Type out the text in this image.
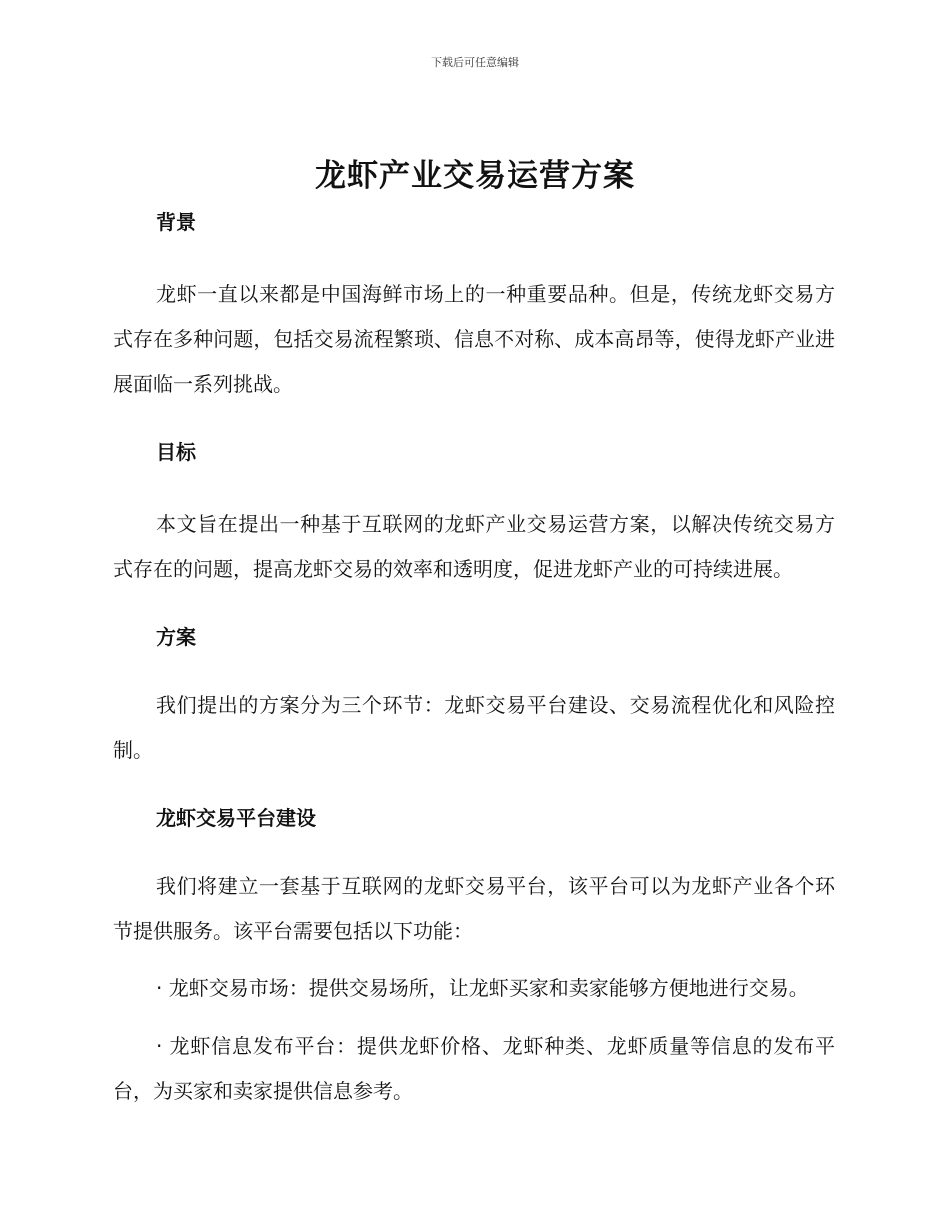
下载后可任意编辑
龙虾产业交易运营方案
背景

龙虾一直以来都是中国海鲜市场上的一种重要品种。但是，传统龙虾交易方式存在多种问题，包括交易流程繁琐、信息不对称、成本高昂等，使得龙虾产业进展面临一系列挑战。

目标

本文旨在提出一种基于互联网的龙虾产业交易运营方案，以解决传统交易方式存在的问题，提高龙虾交易的效率和透明度，促进龙虾产业的可持续进展。

方案

我们提出的方案分为三个环节：龙虾交易平台建设、交易流程优化和风险控制。

龙虾交易平台建设

我们将建立一套基于互联网的龙虾交易平台，该平台可以为龙虾产业各个环节提供服务。该平台需要包括以下功能：

· 龙虾交易市场：提供交易场所，让龙虾买家和卖家能够方便地进行交易。

· 龙虾信息发布平台：提供龙虾价格、龙虾种类、龙虾质量等信息的发布平台，为买家和卖家提供信息参考。
